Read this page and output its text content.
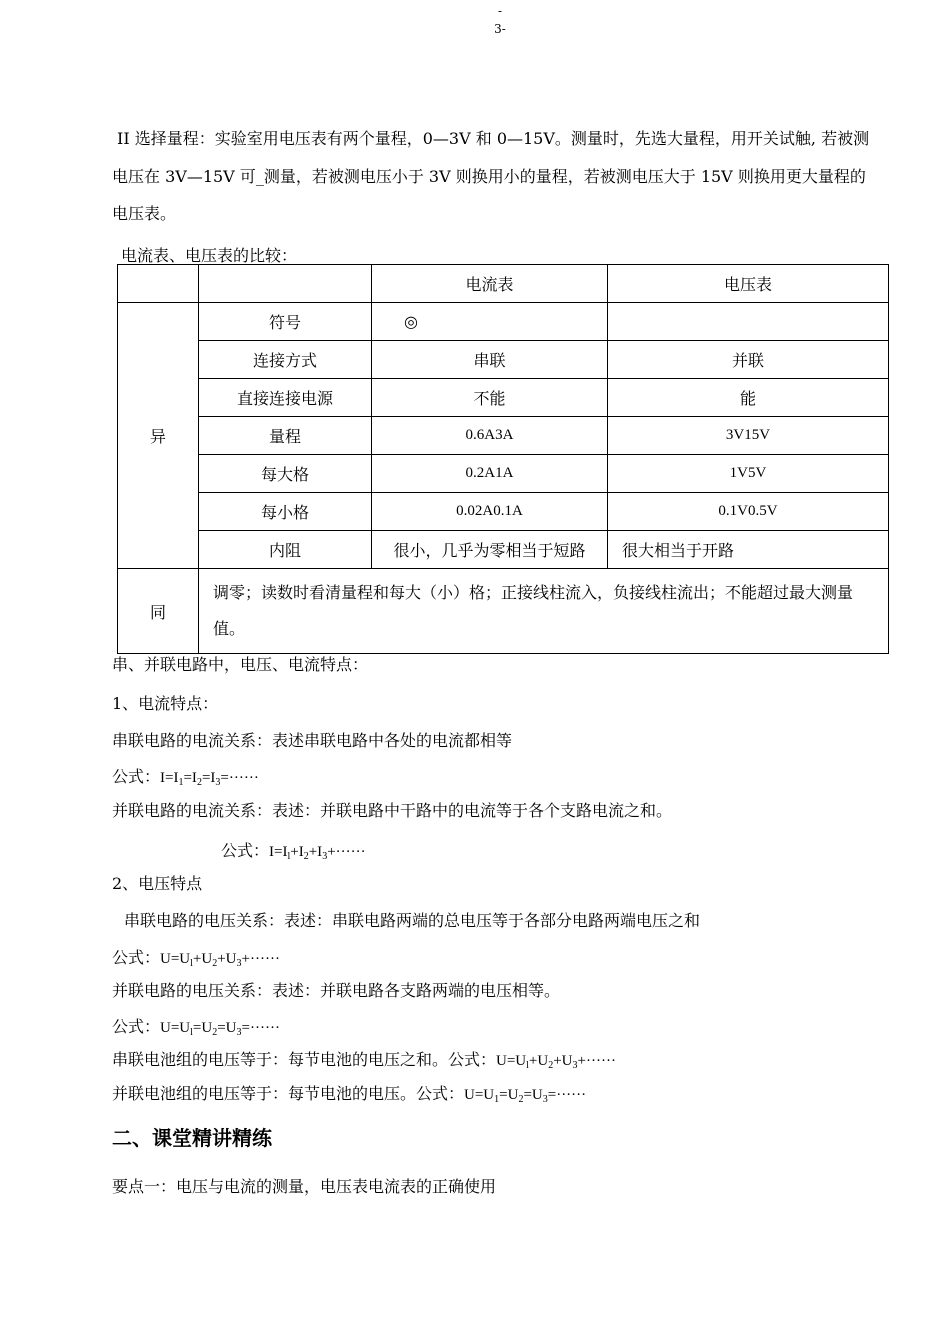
-
3-

II 选择量程：实验室用电压表有两个量程，0—3V 和 0—15V。测量时，先选大量程，用开关试触, 若被测

电压在 3V—15V 可_测量，若被测电压小于 3V 则换用小的量程，若被测电压大于 15V 则换用更大量程的

电压表。

电流表、电压表的比较：

		电流表	电压表
异	符号	◎	
	连接方式	串联	并联
	直接连接电源	不能	能
	量程	0.6A3A	3V15V
	每大格	0.2A1A	1V5V
	每小格	0.02A0.1A	0.1V0.5V
	内阻	很小，几乎为零相当于短路	很大相当于开路
同	调零；读数时看清量程和每大（小）格；正接线柱流入，负接线柱流出；不能超过最大测量值。		

串、并联电路中，电压、电流特点：

1、电流特点：

串联电路的电流关系：表述串联电路中各处的电流都相等

公式：$I=I_1=I_2=I_3=\cdot\cdot\cdot\cdot\cdot\cdot$

并联电路的电流关系：表述：并联电路中干路中的电流等于各个支路电流之和。

公式：$I=I_l+I_2+I_3+\cdot\cdot\cdot\cdot\cdot\cdot$

2、电压特点

串联电路的电压关系：表述：串联电路两端的总电压等于各部分电路两端电压之和

公式：$U=U_l+U_2+U_3+\cdot\cdot\cdot\cdot\cdot\cdot$

并联电路的电压关系：表述：并联电路各支路两端的电压相等。

公式：$U=U_l=U_2=U_3=\cdot\cdot\cdot\cdot\cdot\cdot$

串联电池组的电压等于：每节电池的电压之和。公式：$U=U_l+U_2+U_3+\cdot\cdot\cdot\cdot\cdot\cdot$

并联电池组的电压等于：每节电池的电压。公式：$U=U_1=U_2=U_3=\cdot\cdot\cdot\cdot\cdot\cdot$

二、课堂精讲精练

要点一：电压与电流的测量，电压表电流表的正确使用
